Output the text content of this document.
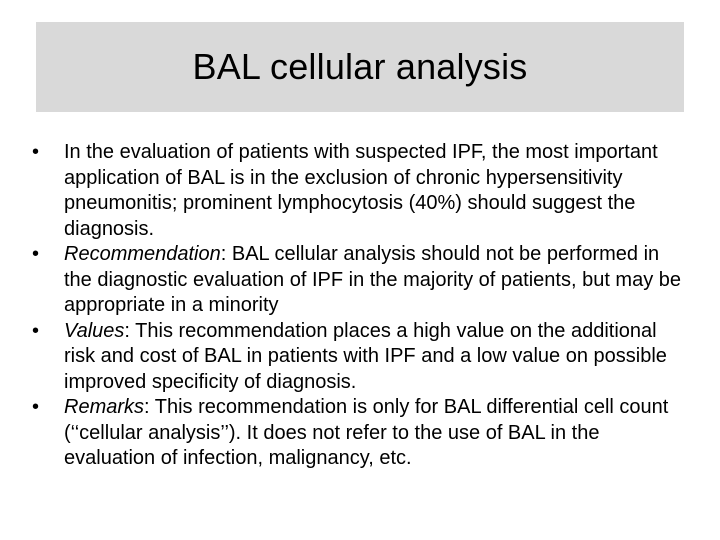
BAL cellular analysis
•	In the evaluation of patients with suspected IPF, the most important application of BAL is in the exclusion of chronic hypersensitivity pneumonitis; prominent lymphocytosis (40%) should suggest the diagnosis.
•	Recommendation: BAL cellular analysis should not be performed in the diagnostic evaluation of IPF in the majority of patients, but may be appropriate in a minority
•	Values: This recommendation places a high value on the additional risk and cost of BAL in patients with IPF and a low value on possible improved specificity of diagnosis.
•	Remarks: This recommendation is only for BAL differential cell count (‘‘cellular analysis’’). It does not refer to the use of BAL in the evaluation of infection, malignancy, etc.
